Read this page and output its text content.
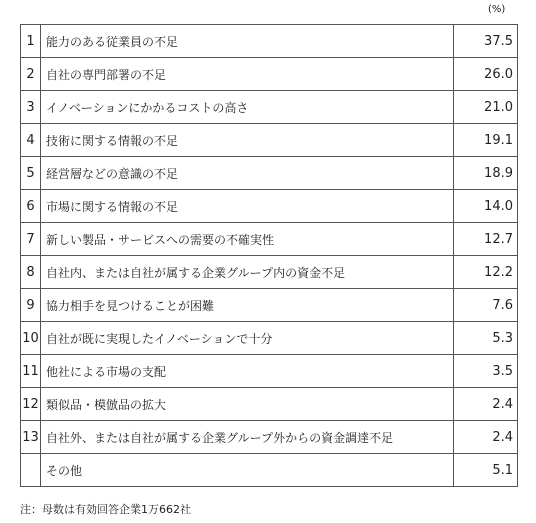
(%)
1	能力のある従業員の不足	37.5
2	自社の専門部署の不足	26.0
3	イノベーションにかかるコストの高さ	21.0
4	技術に関する情報の不足	19.1
5	経営層などの意識の不足	18.9
6	市場に関する情報の不足	14.0
7	新しい製品・サービスへの需要の不確実性	12.7
8	自社内、または自社が属する企業グループ内の資金不足	12.2
9	協力相手を見つけることが困難	7.6
10	自社が既に実現したイノベーションで十分	5.3
11	他社による市場の支配	3.5
12	類似品・模倣品の拡大	2.4
13	自社外、または自社が属する企業グループ外からの資金調達不足	2.4
	その他	5.1
注：母数は有効回答企業1万662社
